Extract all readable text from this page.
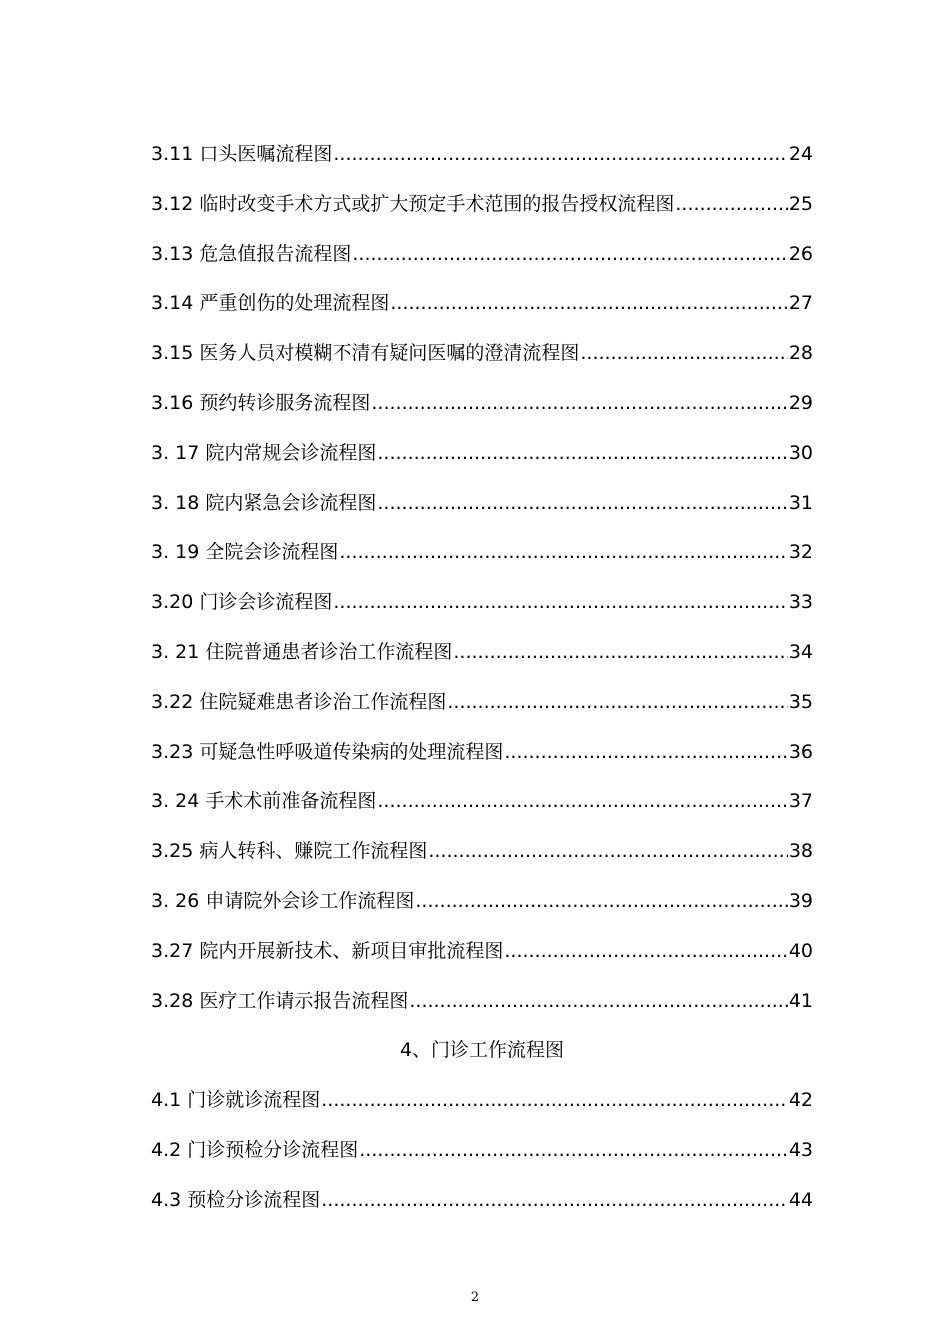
3.11 口头医嘱流程图 .....	24
3.12 临时改变手术方式或扩大预定手术范围的报告授权流程图 .....	25
3.13 危急值报告流程图 .....	26
3.14 严重创伤的处理流程图 .....	27
3.15 医务人员对模糊不清有疑问医嘱的澄清流程图 .....	28
3.16 预约转诊服务流程图 .....	29
3. 17 院内常规会诊流程图 .....	30
3. 18 院内紧急会诊流程图 .....	31
3. 19 全院会诊流程图 .....	32
3.20 门诊会诊流程图 .....	33
3. 21 住院普通患者诊治工作流程图 .....	34
3.22 住院疑难患者诊治工作流程图 .....	35
3.23 可疑急性呼吸道传染病的处理流程图 .....	36
3. 24 手术术前准备流程图 .....	37
3.25 病人转科、赚院工作流程图 .....	38
3. 26 申请院外会诊工作流程图 .....	39
3.27 院内开展新技术、新项目审批流程图 .....	40
3.28 医疗工作请示报告流程图 .....	41
4、门诊工作流程图
4.1 门诊就诊流程图 .....	42
4.2 门诊预检分诊流程图 .....	43
4.3 预检分诊流程图 .....	44
2
